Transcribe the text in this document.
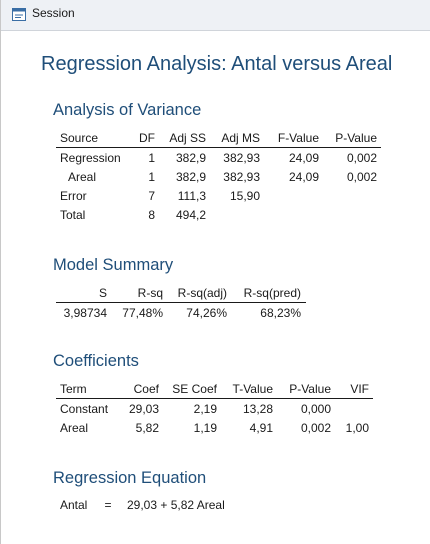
Session
Regression Analysis: Antal versus Areal
Analysis of Variance
Source	DF	Adj SS	Adj MS	F-Value	P-Value
Regression	1	382,9	382,93	24,09	0,002
Areal	1	382,9	382,93	24,09	0,002
Error	7	111,3	15,90
Total	8	494,2
Model Summary
S	R-sq	R-sq(adj)	R-sq(pred)
3,98734	77,48%	74,26%	68,23%
Coefficients
Term	Coef	SE Coef	T-Value	P-Value	VIF
Constant	29,03	2,19	13,28	0,000
Areal	5,82	1,19	4,91	0,002	1,00
Regression Equation
Antal = 29,03 + 5,82 Areal
